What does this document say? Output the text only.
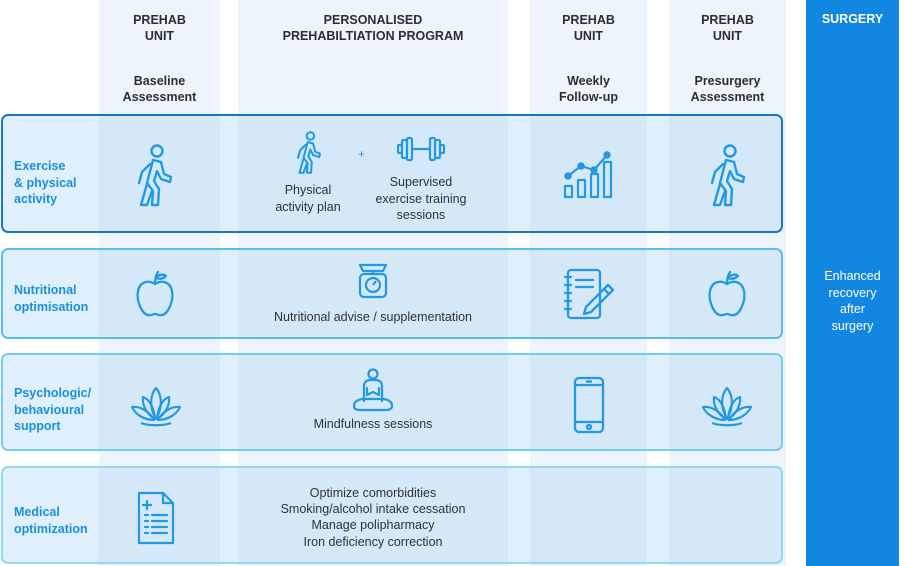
PREHAB
UNIT
Baseline
Assessment
PERSONALISED
PREHABILTIATION PROGRAM
PREHAB
UNIT
Weekly
Follow-up
PREHAB
UNIT
Presurgery
Assessment
SURGERY
Enhanced
recovery
after
surgery
Exercise
& physical
activity
+
Physical
activity plan
Supervised
exercise training
sessions
Nutritional
optimisation
Nutritional advise / supplementation
Psychologic/
behavioural
support	Mindfulness sessions
Medical
optimization
Optimize comorbidities
Smoking/alcohol intake cessation
Manage polipharmacy
Iron deficiency correction
